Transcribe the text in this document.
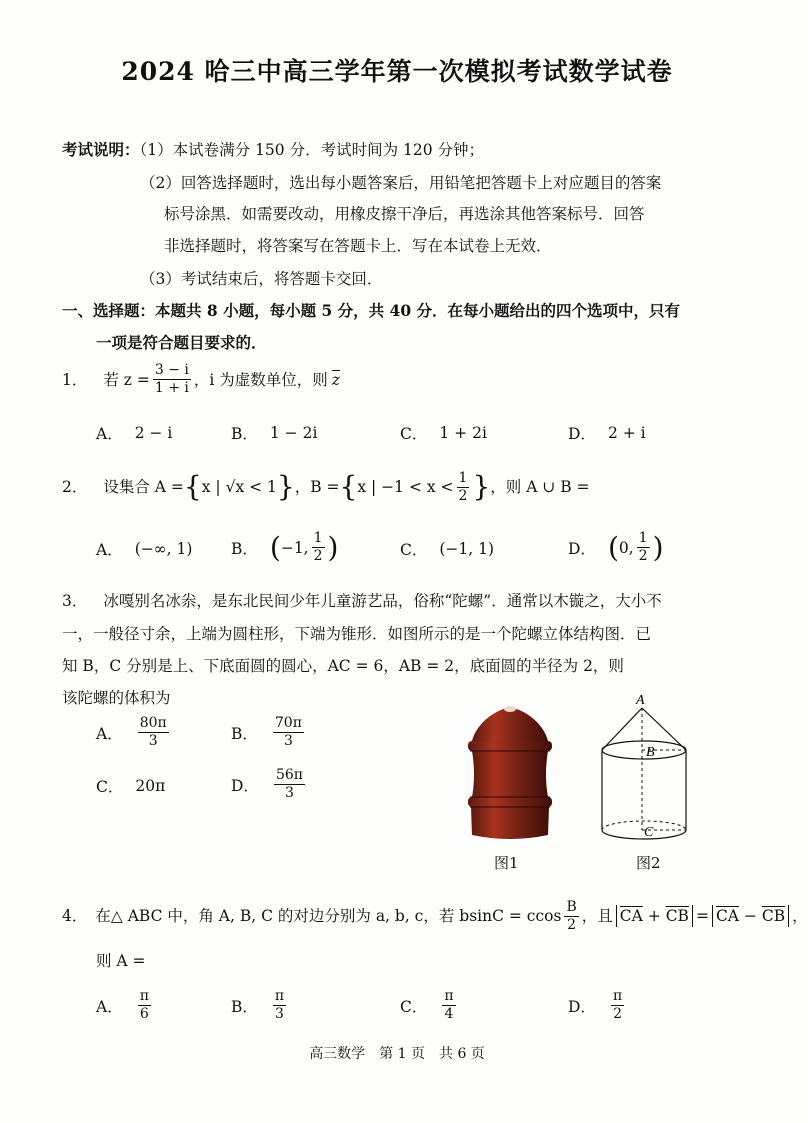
2024 哈三中高三学年第一次模拟考试数学试卷
考试说明：（1）本试卷满分 150 分．考试时间为 120 分钟；
（2）回答选择题时，选出每小题答案后，用铅笔把答题卡上对应题目的答案
标号涂黑．如需要改动，用橡皮擦干净后，再选涂其他答案标号．回答
非选择题时，将答案写在答题卡上．写在本试卷上无效．
（3）考试结束后，将答题卡交回．
一、选择题：本题共 8 小题，每小题 5 分，共 40 分．在每小题给出的四个选项中，只有
一项是符合题目要求的．
1． 若 $z = \frac{3 - i}{1 + i}$ ，i 为虚数单位，则 $\overline{z}$
A． 2 − i	B． 1 − 2i	C． 1 + 2i	D． 2 + i
2． 设集合 A = { x | √x < 1 } ，B = { x | $-1 < x < \frac{1}{2}$ } ，则 A ∪ B =
A． (−∞, 1) B． ( −1, $\frac{1}{2}$ )	C． (−1, 1)	D． ( 0, $\frac{1}{2}$ )
3． 冰嘎别名冰尜，是东北民间少年儿童游艺品，俗称“陀螺”．通常以木镟之，大小不
一，一般径寸余，上端为圆柱形，下端为锥形．如图所示的是一个陀螺立体结构图．已
知 B，C 分别是上、下底面圆的圆心，AC = 6，AB = 2，底面圆的半径为 2，则
该陀螺的体积为
A． $\frac{80\pi}{3}$	B． $\frac{70\pi}{3}$
C． 20π	D． $\frac{56\pi}{3}$
图1
A
B
C
图2
4． 在△ ABC 中，角 A, B, C 的对边分别为 a, b, c，若 bsinC = ccos $\frac{B}{2}$ ，且 $\overline{CA} + \overline{CB} = \overline{CA} - \overline{CB}$ ，
则 A =
A． $\frac{\pi}{6}$	B． $\frac{\pi}{3}$	C． $\frac{\pi}{4}$	D． $\frac{\pi}{2}$
高三数学　第 1 页　共 6 页
